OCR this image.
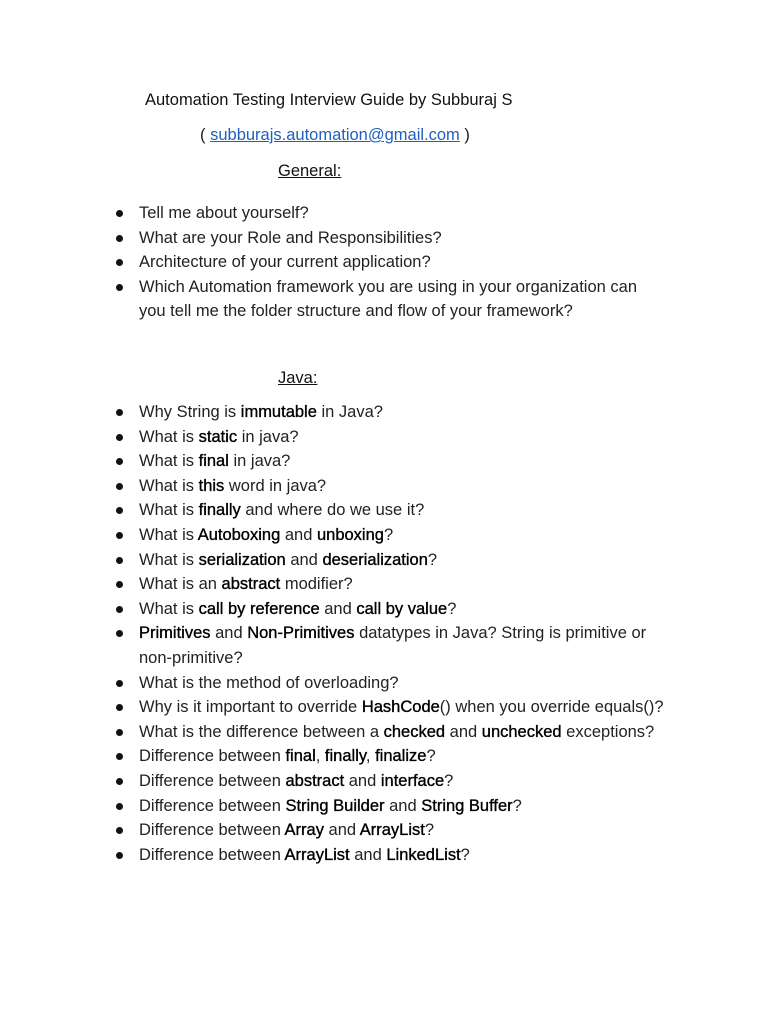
Automation Testing Interview Guide by Subburaj S
( subburajs.automation@gmail.com )
General:
Tell me about yourself?
What are your Role and Responsibilities?
Architecture of your current application?
Which Automation framework you are using in your organization can you tell me the folder structure and flow of your framework?
Java:
Why String is immutable in Java?
What is static in java?
What is final in java?
What is this word in java?
What is finally and where do we use it?
What is Autoboxing and unboxing?
What is serialization and deserialization?
What is an abstract modifier?
What is call by reference and call by value?
Primitives and Non-Primitives datatypes in Java? String is primitive or non-primitive?
What is the method of overloading?
Why is it important to override HashCode() when you override equals()?
What is the difference between a checked and unchecked exceptions?
Difference between final, finally, finalize?
Difference between abstract and interface?
Difference between String Builder and String Buffer?
Difference between Array and ArrayList?
Difference between ArrayList and LinkedList?
